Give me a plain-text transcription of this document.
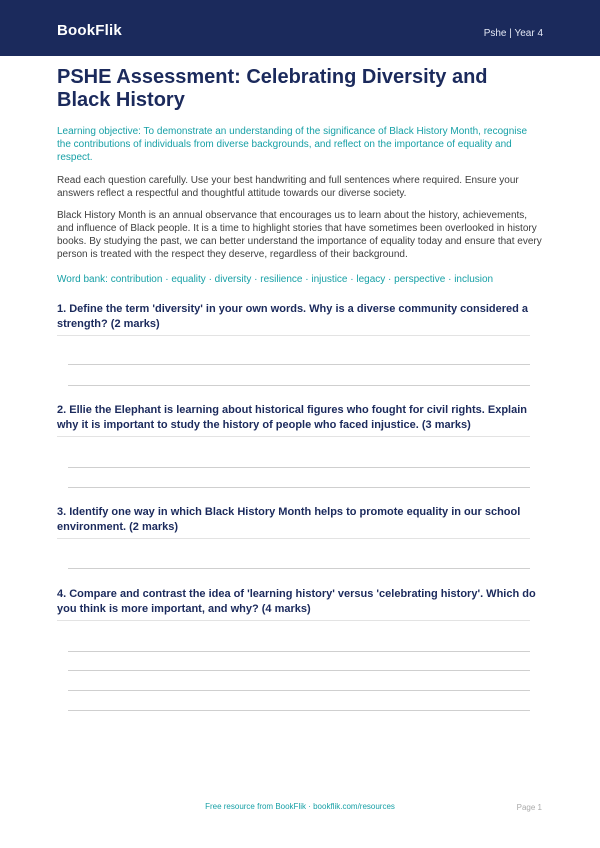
BookFlik	Pshe | Year 4
PSHE Assessment: Celebrating Diversity and Black History
Learning objective: To demonstrate an understanding of the significance of Black History Month, recognise the contributions of individuals from diverse backgrounds, and reflect on the importance of equality and respect.
Read each question carefully. Use your best handwriting and full sentences where required. Ensure your answers reflect a respectful and thoughtful attitude towards our diverse society.
Black History Month is an annual observance that encourages us to learn about the history, achievements, and influence of Black people. It is a time to highlight stories that have sometimes been overlooked in history books. By studying the past, we can better understand the importance of equality today and ensure that every person is treated with the respect they deserve, regardless of their background.
Word bank: contribution · equality · diversity · resilience · injustice · legacy · perspective · inclusion
1. Define the term 'diversity' in your own words. Why is a diverse community considered a strength? (2 marks)
2. Ellie the Elephant is learning about historical figures who fought for civil rights. Explain why it is important to study the history of people who faced injustice. (3 marks)
3. Identify one way in which Black History Month helps to promote equality in our school environment. (2 marks)
4. Compare and contrast the idea of 'learning history' versus 'celebrating history'. Which do you think is more important, and why? (4 marks)
Free resource from BookFlik · bookflik.com/resources	Page 1
